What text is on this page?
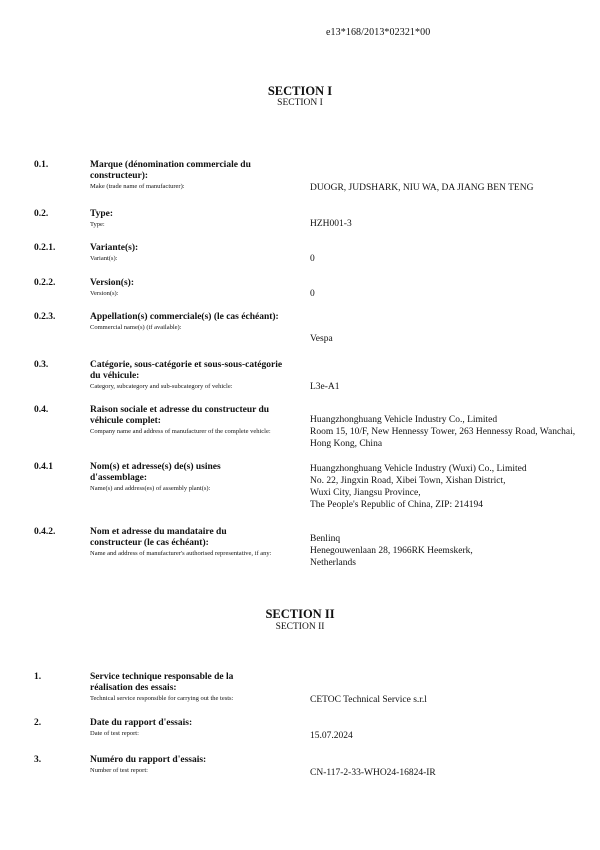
e13*168/2013*02321*00
SECTION I
SECTION I
0.1.	Marque (dénomination commerciale du constructeur):
Make (trade name of manufacturer):	DUOGR, JUDSHARK, NIU WA, DA JIANG BEN TENG
0.2.	Type:
Type:	HZH001-3
0.2.1.	Variante(s):
Variant(s):	0
0.2.2.	Version(s):
Version(s):	0
0.2.3.	Appellation(s) commerciale(s) (le cas échéant):
Commercial name(s) (if available):
Vespa
0.3.	Catégorie, sous-catégorie et sous-sous-catégorie du véhicule:
Category, subcategory and sub-subcategory of vehicle:	L3e-A1
0.4.	Raison sociale et adresse du constructeur du véhicule complet:
Company name and address of manufacturer of the complete vehicle:
Huangzhonghuang Vehicle Industry Co., Limited
Room 15, 10/F, New Hennessy Tower, 263 Hennessy Road, Wanchai, Hong Kong, China
0.4.1	Nom(s) et adresse(s) de(s) usines d'assemblage:
Name(s) and address(es) of assembly plant(s):
Huangzhonghuang Vehicle Industry (Wuxi) Co., Limited
No. 22, Jingxin Road, Xibei Town, Xishan District,
Wuxi City, Jiangsu Province,
The People's Republic of China, ZIP: 214194
0.4.2.	Nom et adresse du mandataire du constructeur (le cas échéant):
Name and address of manufacturer's authorised representative, if any:
Benlinq
Henegouwenlaan 28, 1966RK Heemskerk,
Netherlands
SECTION II
SECTION II
1.	Service technique responsable de la réalisation des essais:
Technical service responsible for carrying out the tests:	CETOC Technical Service s.r.l
2.	Date du rapport d'essais:
Date of test report:	15.07.2024
3.	Numéro du rapport d'essais:
Number of test report:	CN-117-2-33-WHO24-16824-IR
